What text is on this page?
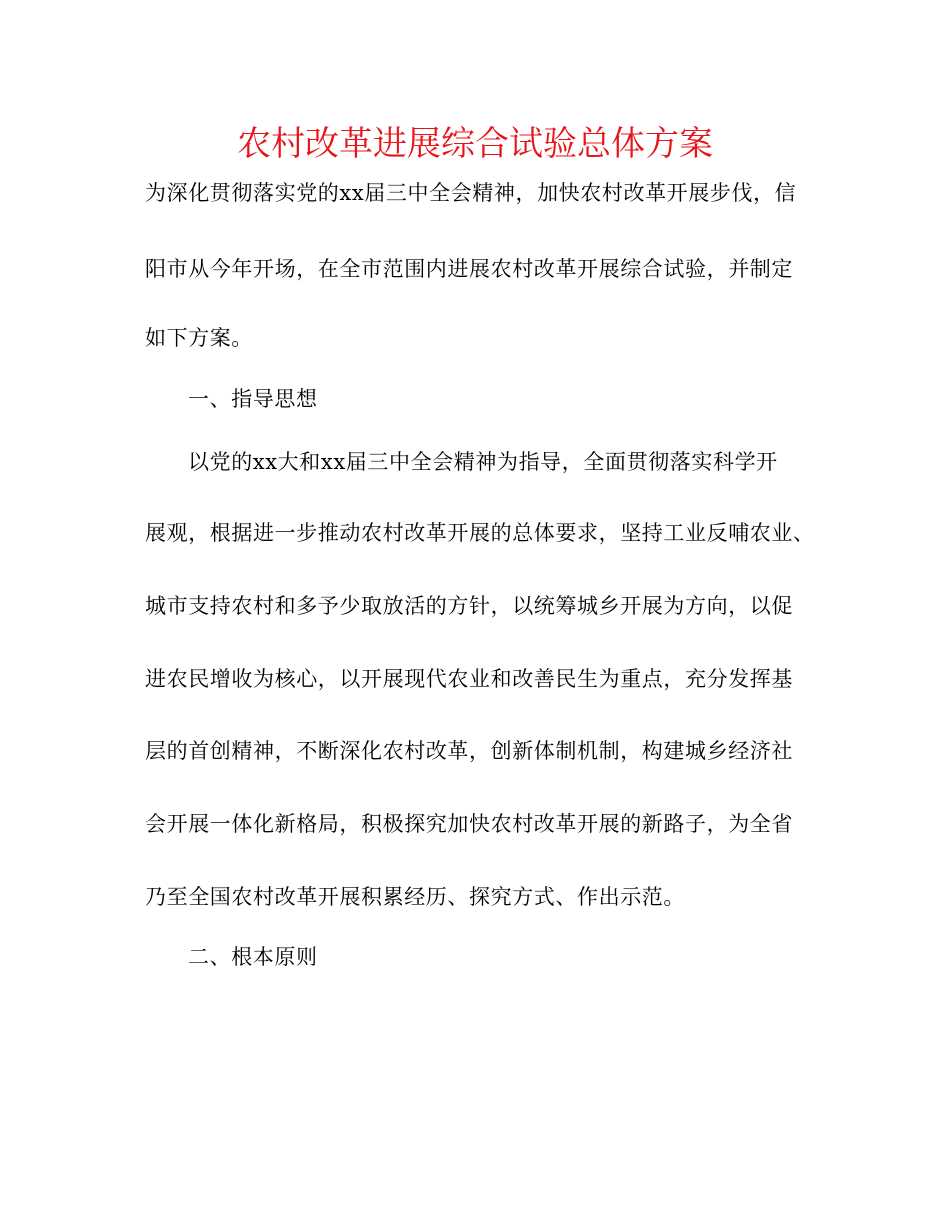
农村改革进展综合试验总体方案

为深化贯彻落实党的xx届三中全会精神，加快农村改革开展步伐，信

阳市从今年开场，在全市范围内进展农村改革开展综合试验，并制定

如下方案。

一、指导思想

以党的xx大和xx届三中全会精神为指导，全面贯彻落实科学开

展观，根据进一步推动农村改革开展的总体要求，坚持工业反哺农业、

城市支持农村和多予少取放活的方针，以统筹城乡开展为方向，以促

进农民增收为核心，以开展现代农业和改善民生为重点，充分发挥基

层的首创精神，不断深化农村改革，创新体制机制，构建城乡经济社

会开展一体化新格局，积极探究加快农村改革开展的新路子，为全省

乃至全国农村改革开展积累经历、探究方式、作出示范。

二、根本原则
